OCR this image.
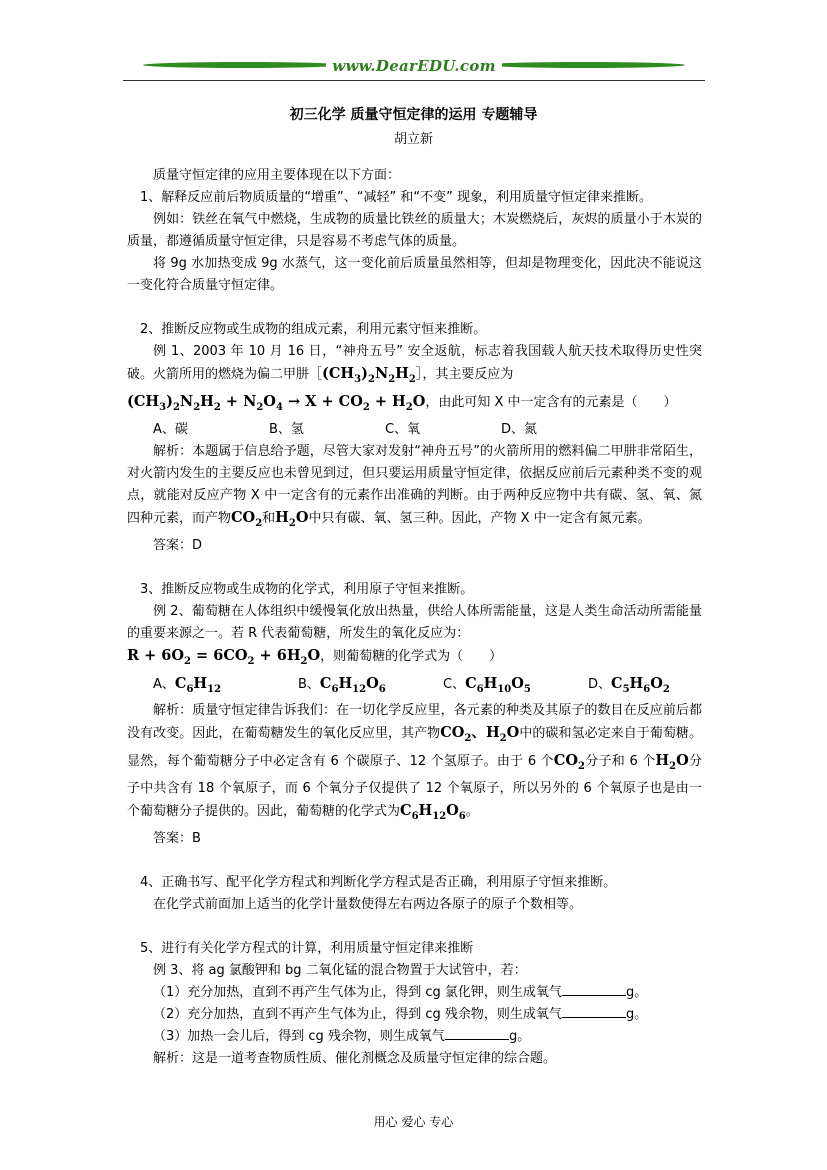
www.DearEDU.com
初三化学 质量守恒定律的运用 专题辅导
胡立新

质量守恒定律的应用主要体现在以下方面：

1、解释反应前后物质质量的“增重”、“减轻” 和“不变” 现象，利用质量守恒定律来推断。

例如：铁丝在氧气中燃烧，生成物的质量比铁丝的质量大；木炭燃烧后，灰烬的质量小于木炭的质量，都遵循质量守恒定律，只是容易不考虑气体的质量。

将 9g 水加热变成 9g 水蒸气，这一变化前后质量虽然相等，但却是物理变化，因此决不能说这一变化符合质量守恒定律。

2、推断反应物或生成物的组成元素，利用元素守恒来推断。

例 1、2003 年 10 月 16 日，“神舟五号” 安全返航，标志着我国载人航天技术取得历史性突破。火箭所用的燃烧为偏二甲肼$[(CH_3)_2N_2H_2]$，其主要反应为
$(CH_3)_2N_2H_2 + N_2O_4 \to X + CO_2 + H_2O$，由此可知 X 中一定含有的元素是（　　）

A、碳	B、氢	C、氧	D、氮

解析：本题属于信息给予题，尽管大家对发射“神舟五号”的火箭所用的燃料偏二甲肼非常陌生，对火箭内发生的主要反应也未曾见到过，但只要运用质量守恒定律，依据反应前后元素种类不变的观点，就能对反应产物 X 中一定含有的元素作出准确的判断。由于两种反应物中共有碳、氢、氧、氮四种元素，而产物$CO_2$和$H_2O$中只有碳、氧、氢三种。因此，产物 X 中一定含有氮元素。

答案：D

3、推断反应物或生成物的化学式，利用原子守恒来推断。

例 2、葡萄糖在人体组织中缓慢氧化放出热量，供给人体所需能量，这是人类生命活动所需能量的重要来源之一。若 R 代表葡萄糖，所发生的氧化反应为：
$R + 6O_2 = 6CO_2 + 6H_2O$，则葡萄糖的化学式为（　　）

A、$C_6H_{12}$	B、$C_6H_{12}O_6$	C、$C_6H_{10}O_5$	D、$C_5H_6O_2$

解析：质量守恒定律告诉我们：在一切化学反应里，各元素的种类及其原子的数目在反应前后都没有改变。因此，在葡萄糖发生的氧化反应里，其产物$CO_2$、$H_2O$中的碳和氢必定来自于葡萄糖。显然，每个葡萄糖分子中必定含有 6 个碳原子、12 个氢原子。由于 6 个$CO_2$分子和 6 个$H_2O$分子中共含有 18 个氧原子，而 6 个氧分子仅提供了 12 个氧原子，所以另外的 6 个氧原子也是由一个葡萄糖分子提供的。因此，葡萄糖的化学式为$C_6H_{12}O_6$。

答案：B

4、正确书写、配平化学方程式和判断化学方程式是否正确，利用原子守恒来推断。

在化学式前面加上适当的化学计量数使得左右两边各原子的原子个数相等。

5、进行有关化学方程式的计算，利用质量守恒定律来推断

例 3、将 ag 氯酸钾和 bg 二氧化锰的混合物置于大试管中，若：

（1）充分加热，直到不再产生气体为止，得到 cg 氯化钾，则生成氧气	g。

（2）充分加热，直到不再产生气体为止，得到 cg 残余物，则生成氧气	g。

（3）加热一会儿后，得到 cg 残余物，则生成氧气	g。

解析：这是一道考查物质性质、催化剂概念及质量守恒定律的综合题。

用心 爱心 专心
